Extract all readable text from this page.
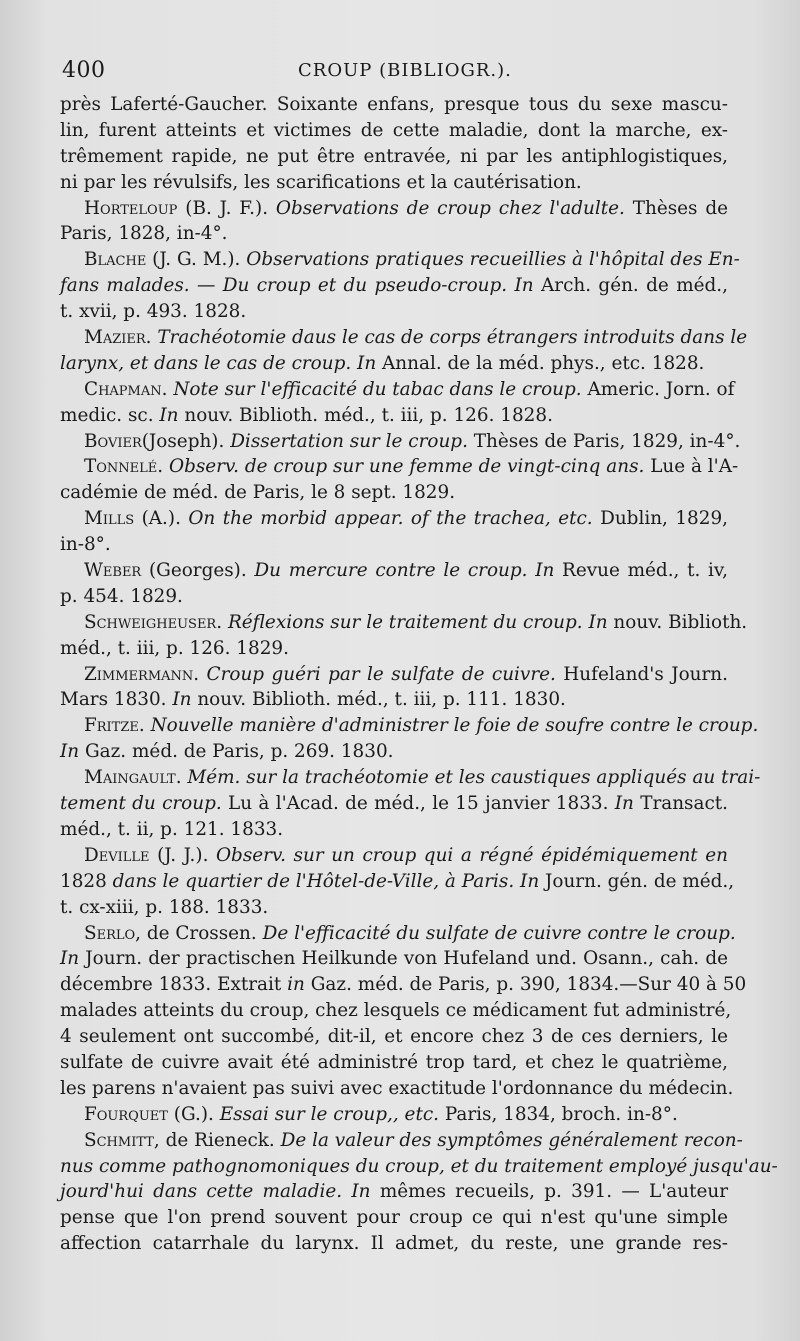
400	CROUP (BIBLIOGR.).
près Laferté-Gaucher. Soixante enfans, presque tous du sexe mascu-
lin, furent atteints et victimes de cette maladie, dont la marche, ex-
trêmement rapide, ne put être entravée, ni par les antiphlogistiques,
ni par les révulsifs, les scarifications et la cautérisation.
Horteloup (B. J. F.). Observations de croup chez l'adulte. Thèses de
Paris, 1828, in-4°.
Blache (J. G. M.). Observations pratiques recueillies à l'hôpital des En-
fans malades. — Du croup et du pseudo-croup. In Arch. gén. de méd.,
t. xvii, p. 493. 1828.
Mazier. Trachéotomie daus le cas de corps étrangers introduits dans le
larynx, et dans le cas de croup. In Annal. de la méd. phys., etc. 1828.
Chapman. Note sur l'efficacité du tabac dans le croup. Americ. Jorn. of
medic. sc. In nouv. Biblioth. méd., t. iii, p. 126. 1828.
Bovier(Joseph). Dissertation sur le croup. Thèses de Paris, 1829, in-4°.
Tonnelé. Observ. de croup sur une femme de vingt-cinq ans. Lue à l'A-
cadémie de méd. de Paris, le 8 sept. 1829.
Mills (A.). On the morbid appear. of the trachea, etc. Dublin, 1829,
in-8°.
Weber (Georges). Du mercure contre le croup. In Revue méd., t. iv,
p. 454. 1829.
Schweigheuser. Réflexions sur le traitement du croup. In nouv. Biblioth.
méd., t. iii, p. 126. 1829.
Zimmermann. Croup guéri par le sulfate de cuivre. Hufeland's Journ.
Mars 1830. In nouv. Biblioth. méd., t. iii, p. 111. 1830.
Fritze. Nouvelle manière d'administrer le foie de soufre contre le croup.
In Gaz. méd. de Paris, p. 269. 1830.
Maingault. Mém. sur la trachéotomie et les caustiques appliqués au trai-
tement du croup. Lu à l'Acad. de méd., le 15 janvier 1833. In Transact.
méd., t. ii, p. 121. 1833.
Deville (J. J.). Observ. sur un croup qui a régné épidémiquement en
1828 dans le quartier de l'Hôtel-de-Ville, à Paris. In Journ. gén. de méd.,
t. cx-xiii, p. 188. 1833.
Serlo, de Crossen. De l'efficacité du sulfate de cuivre contre le croup.
In Journ. der practischen Heilkunde von Hufeland und. Osann., cah. de
décembre 1833. Extrait in Gaz. méd. de Paris, p. 390, 1834.—Sur 40 à 50
malades atteints du croup, chez lesquels ce médicament fut administré,
4 seulement ont succombé, dit-il, et encore chez 3 de ces derniers, le
sulfate de cuivre avait été administré trop tard, et chez le quatrième,
les parens n'avaient pas suivi avec exactitude l'ordonnance du médecin.
Fourquet (G.). Essai sur le croup,, etc. Paris, 1834, broch. in-8°.
Schmitt, de Rieneck. De la valeur des symptômes généralement recon-
nus comme pathognomoniques du croup, et du traitement employé jusqu'au-
jourd'hui dans cette maladie. In mêmes recueils, p. 391. — L'auteur
pense que l'on prend souvent pour croup ce qui n'est qu'une simple
affection catarrhale du larynx. Il admet, du reste, une grande res-
